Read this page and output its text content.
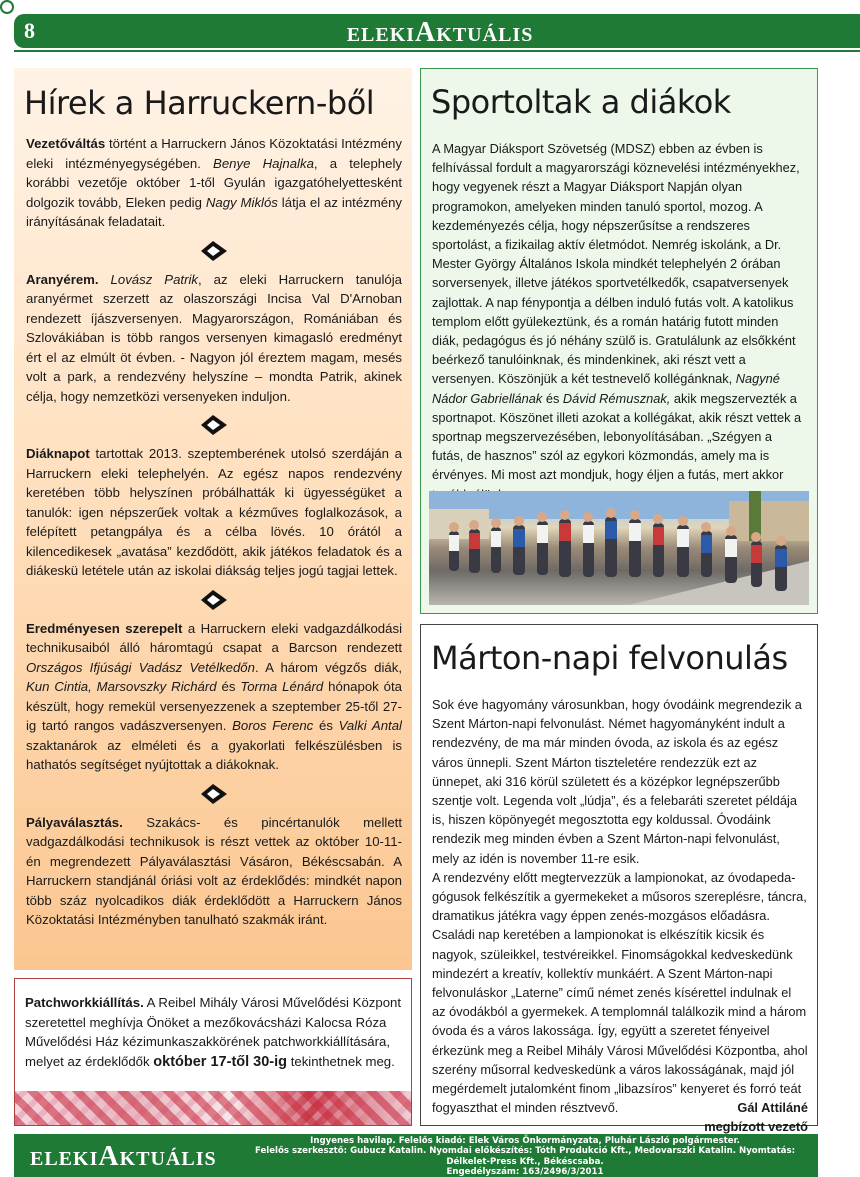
8	ELEKIAKTUÁLIS
Hírek a Harruckern-ből

Vezetőváltás történt a Harruckern János Közoktatási Intézmény eleki intézményegységében. Benye Hajnalka, a telephely korábbi vezetője október 1-től Gyulán igazgatóhelyettesként dolgozik tovább, Eleken pedig Nagy Miklós látja el az intézmény irányításának feladatait.

Aranyérem. Lovász Patrik, az eleki Harruckern tanulója aranyérmet szerzett az olaszországi Incisa Val D'Arnoban rendezett íjászversenyen. Magyarországon, Romániában és Szlovákiában is több rangos versenyen kimagasló eredményt ért el az elmúlt öt évben. - Nagyon jól éreztem magam, mesés volt a park, a rendezvény helyszíne – mondta Patrik, akinek célja, hogy nemzetközi versenyeken induljon.

Diáknapot tartottak 2013. szeptemberének utolsó szerdáján a Harruckern eleki telephelyén. Az egész napos rendezvény keretében több helyszínen próbálhatták ki ügyességüket a tanulók: igen népszerűek voltak a kézműves foglalkozások, a felépített petangpálya és a célba lövés. 10 órától a kilencedikesek „avatása” kezdődött, akik játékos feladatok és a diákeskü letétele után az iskolai diákság teljes jogú tagjai lettek.

Eredményesen szerepelt a Harruckern eleki vadgazdálkodási technikusaiból álló háromtagú csapat a Barcson rendezett Országos Ifjúsági Vadász Vetélkedőn. A három végzős diák, Kun Cintia, Marsovszky Richárd és Torma Lénárd hónapok óta készült, hogy remekül versenyezzenek a szeptember 25-től 27-ig tartó rangos vadászversenyen. Boros Ferenc és Valki Antal szaktanárok az elméleti és a gyakorlati felkészülésben is hathatós segítséget nyújtottak a diákoknak.

Pályaválasztás. Szakács- és pincértanulók mellett vadgazdálkodási technikusok is részt vettek az október 10-11-én megrendezett Pályaválasztási Vásáron, Békéscsabán. A Harruckern standjánál óriási volt az érdeklődés: mindkét napon több száz nyolcadikos diák érdeklődött a Harruckern János Közoktatási Intézményben tanulható szakmák iránt.

Patchworkkiállítás. A Reibel Mihály Városi Művelődési Központ szeretettel meghívja Önöket a mezőkovácsházi Kalocsa Róza Művelődési Ház kézimunkaszakkörének patchworkkiállítására, melyet az érdeklődők október 17-től 30-ig tekinthetnek meg.

Sportoltak a diákok

A Magyar Diáksport Szövetség (MDSZ) ebben az évben is felhívással fordult a magyarországi köznevelési intézményekhez, hogy vegyenek részt a Magyar Diáksport Napján olyan programokon, amelyeken minden tanuló sportol, mozog. A kezdeményezés célja, hogy népszerűsítse a rendszeres sportolást, a fizikailag aktív életmódot. Nemrég iskolánk, a Dr. Mester György Általános Iskola mindkét telephelyén 2 órában sorversenyek, illetve játékos sportvetélkedők, csapatversenyek zajlottak. A nap fénypontja a délben induló futás volt. A katolikus templom előtt gyülekeztünk, és a román határig futott minden diák, pedagógus és jó néhány szülő is. Gratulálunk az elsőkként beérkező tanulóinknak, és mindenkinek, aki részt vett a versenyen. Köszönjük a két testnevelő kollégánknak, Nagyné Nádor Gabriellának és Dávid Rémusznak, akik megszervezték a sportnapot. Köszönet illeti azokat a kollégákat, akik részt vettek a sportnap megszervezésében, lebonyolításában. „Szégyen a futás, de hasznos” szól az egykori közmondás, amely ma is érvényes. Mi most azt mondjuk, hogy éljen a futás, mert akkor

Márton-napi felvonulás

Sok éve hagyomány városunkban, hogy óvodáink megrendezik a Szent Márton-napi felvonulást. Német hagyományként indult a rendezvény, de ma már minden óvoda, az iskola és az egész város ünnepli. Szent Márton tiszteletére rendezzük ezt az ünnepet, aki 316 körül született és a középkor legnépszerűbb szentje volt. Legenda volt „lúdja”, és a felebaráti szeretet példája is, hiszen köpönyegét megosztotta egy koldussal. Óvodáink rendezik meg minden évben a Szent Márton-napi felvonulást, mely az idén is november 11-re esik.

A rendezvény előtt megtervezzük a lampionokat, az óvodapeda-gógusok felkészítik a gyermekeket a műsoros szereplésre, táncra, dramatikus játékra vagy éppen zenés-mozgásos előadásra.

Családi nap keretében a lampionokat is elkészítik kicsik és nagyok, szüleikkel, testvéreikkel. Finomságokkal kedveskedünk mindezért a kreatív, kollektív munkáért. A Szent Márton-napi felvonuláskor „Laterne” című német zenés kísérettel indulnak el az óvodákból a gyermekek. A templomnál találkozik mind a három óvoda és a város lakossága. Így, együtt a szeretet fényeivel érkezünk meg a Reibel Mihály Városi Művelődési Központba, ahol szerény műsorral kedveskedünk a város lakosságának, majd jól megérdemelt jutalomként finom „libazsíros” kenyeret és forró teát fogyaszthat el minden résztvevő.	Gál Attiláné
megbízott vezető
ELEKIAKTUÁLIS
Ingyenes havilap. Felelős kiadó: Elek Város Önkormányzata, Pluhár László polgármester.
Felelős szerkesztő: Gubucz Katalin. Nyomdai előkészítés: Tóth Produkció Kft., Medovarszki Katalin. Nyomtatás: Délkelet-Press Kft., Békéscsaba.
Engedélyszám: 163/2496/3/2011
